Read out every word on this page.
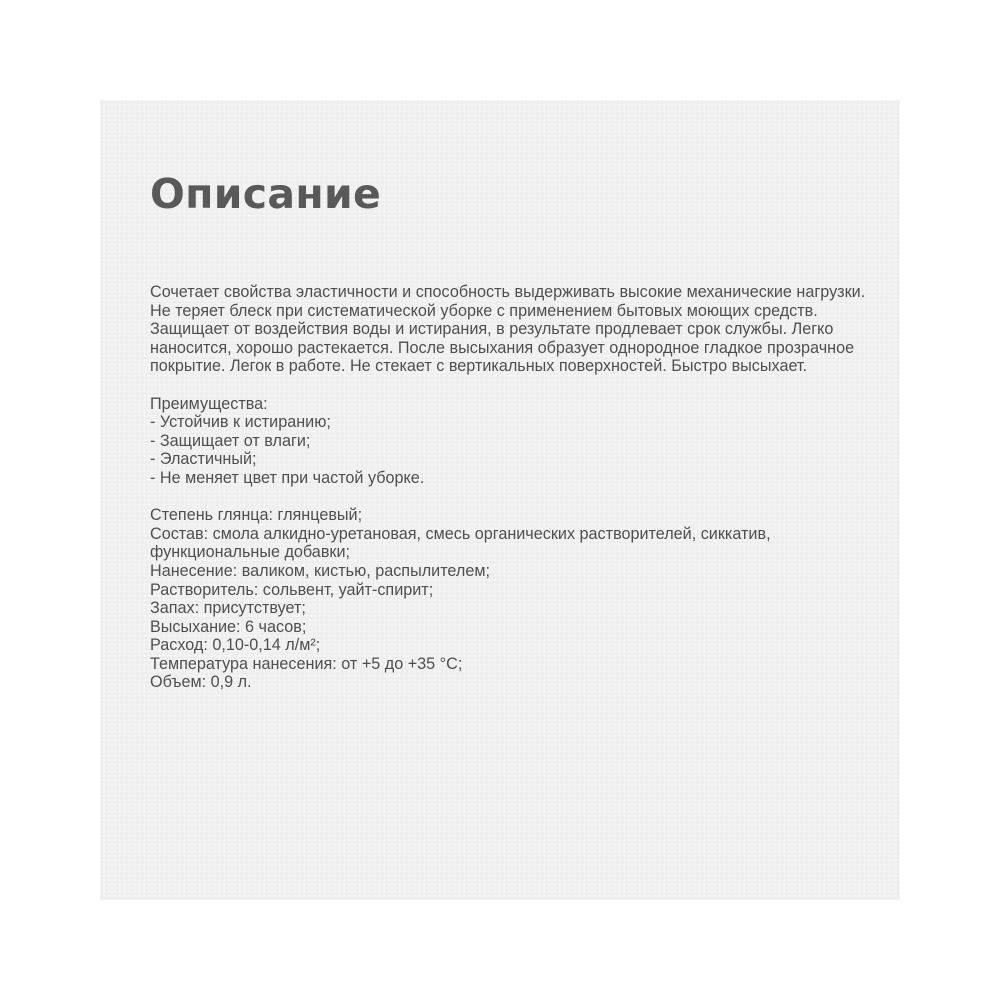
Описание

Сочетает свойства эластичности и способность выдерживать высокие механические нагрузки. Не теряет блеск при систематической уборке с применением бытовых моющих средств. Защищает от воздействия воды и истирания, в результате продлевает срок службы. Легко наносится, хорошо растекается. После высыхания образует однородное гладкое прозрачное покрытие. Легок в работе. Не стекает с вертикальных поверхностей. Быстро высыхает.

Преимущества:

- Устойчив к истиранию;
- Защищает от влаги;
- Эластичный;
- Не меняет цвет при частой уборке.
Степень глянца: глянцевый;
Состав: смола алкидно-уретановая, смесь органических растворителей, сиккатив, функциональные добавки;
Нанесение: валиком, кистью, распылителем;
Растворитель: сольвент, уайт-спирит;
Запах: присутствует;
Высыхание: 6 часов;
Расход: 0,10-0,14 л/м²;
Температура нанесения: от +5 до +35 °С;
Объем: 0,9 л.
